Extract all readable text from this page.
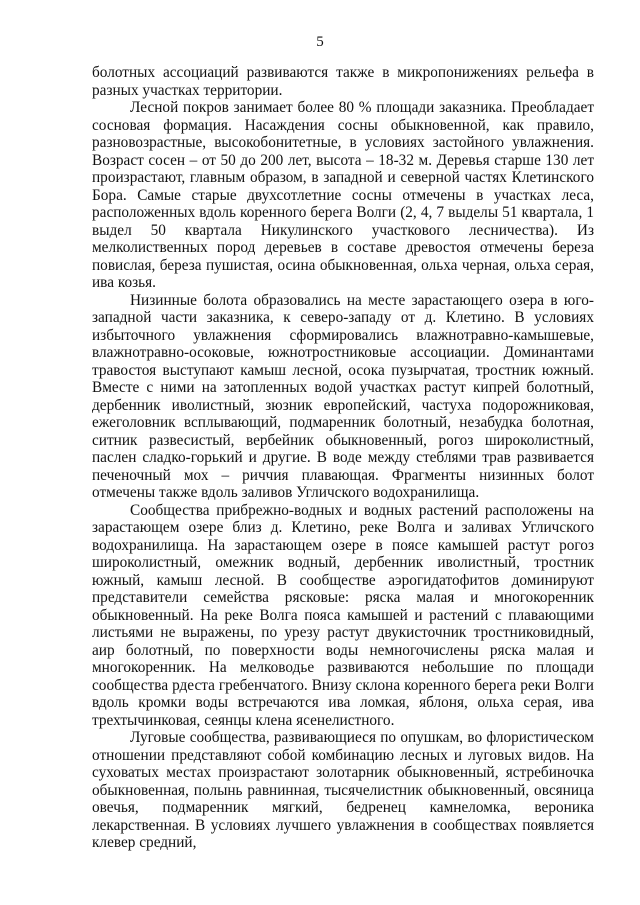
5

болотных ассоциаций развиваются также в микропонижениях рельефа в разных участках территории.

Лесной покров занимает более 80 % площади заказника. Преобладает сосновая формация. Насаждения сосны обыкновенной, как правило, разновозрастные, высокобонитетные, в условиях застойного увлажнения. Возраст сосен – от 50 до 200 лет, высота – 18-32 м. Деревья старше 130 лет произрастают, главным образом, в западной и северной частях Клетинского Бора. Самые старые двухсотлетние сосны отмечены в участках леса, расположенных вдоль коренного берега Волги (2, 4, 7 выделы 51 квартала, 1 выдел 50 квартала Никулинского участкового лесничества). Из мелколиственных пород деревьев в составе древостоя отмечены береза повислая, береза пушистая, осина обыкновенная, ольха черная, ольха серая, ива козья.

Низинные болота образовались на месте зарастающего озера в юго-западной части заказника, к северо-западу от д. Клетино. В условиях избыточного увлажнения сформировались влажнотравно-камышевые, влажнотравно-осоковые, южнотростниковые ассоциации. Доминантами травостоя выступают камыш лесной, осока пузырчатая, тростник южный. Вместе с ними на затопленных водой участках растут кипрей болотный, дербенник иволистный, зюзник европейский, частуха подорожниковая, ежеголовник всплывающий, подмаренник болотный, незабудка болотная, ситник развесистый, вербейник обыкновенный, рогоз широколистный, паслен сладко-горький и другие. В воде между стеблями трав развивается печеночный мох – риччия плавающая. Фрагменты низинных болот отмечены также вдоль заливов Угличского водохранилища.

Сообщества прибрежно-водных и водных растений расположены на зарастающем озере близ д. Клетино, реке Волга и заливах Угличского водохранилища. На зарастающем озере в поясе камышей растут рогоз широколистный, омежник водный, дербенник иволистный, тростник южный, камыш лесной. В сообществе аэрогидатофитов доминируют представители семейства рясковые: ряска малая и многокоренник обыкновенный. На реке Волга пояса камышей и растений с плавающими листьями не выражены, по урезу растут двукисточник тростниковидный, аир болотный, по поверхности воды немногочислены ряска малая и многокоренник. На мелководье развиваются небольшие по площади сообщества рдеста гребенчатого. Внизу склона коренного берега реки Волги вдоль кромки воды встречаются ива ломкая, яблоня, ольха серая, ива трехтычинковая, сеянцы клена ясенелистного.

Луговые сообщества, развивающиеся по опушкам, во флористическом отношении представляют собой комбинацию лесных и луговых видов. На суховатых местах произрастают золотарник обыкновенный, ястребиночка обыкновенная, полынь равнинная, тысячелистник обыкновенный, овсяница овечья, подмаренник мягкий, бедренец камнеломка, вероника лекарственная. В условиях лучшего увлажнения в сообществах появляется клевер средний,
